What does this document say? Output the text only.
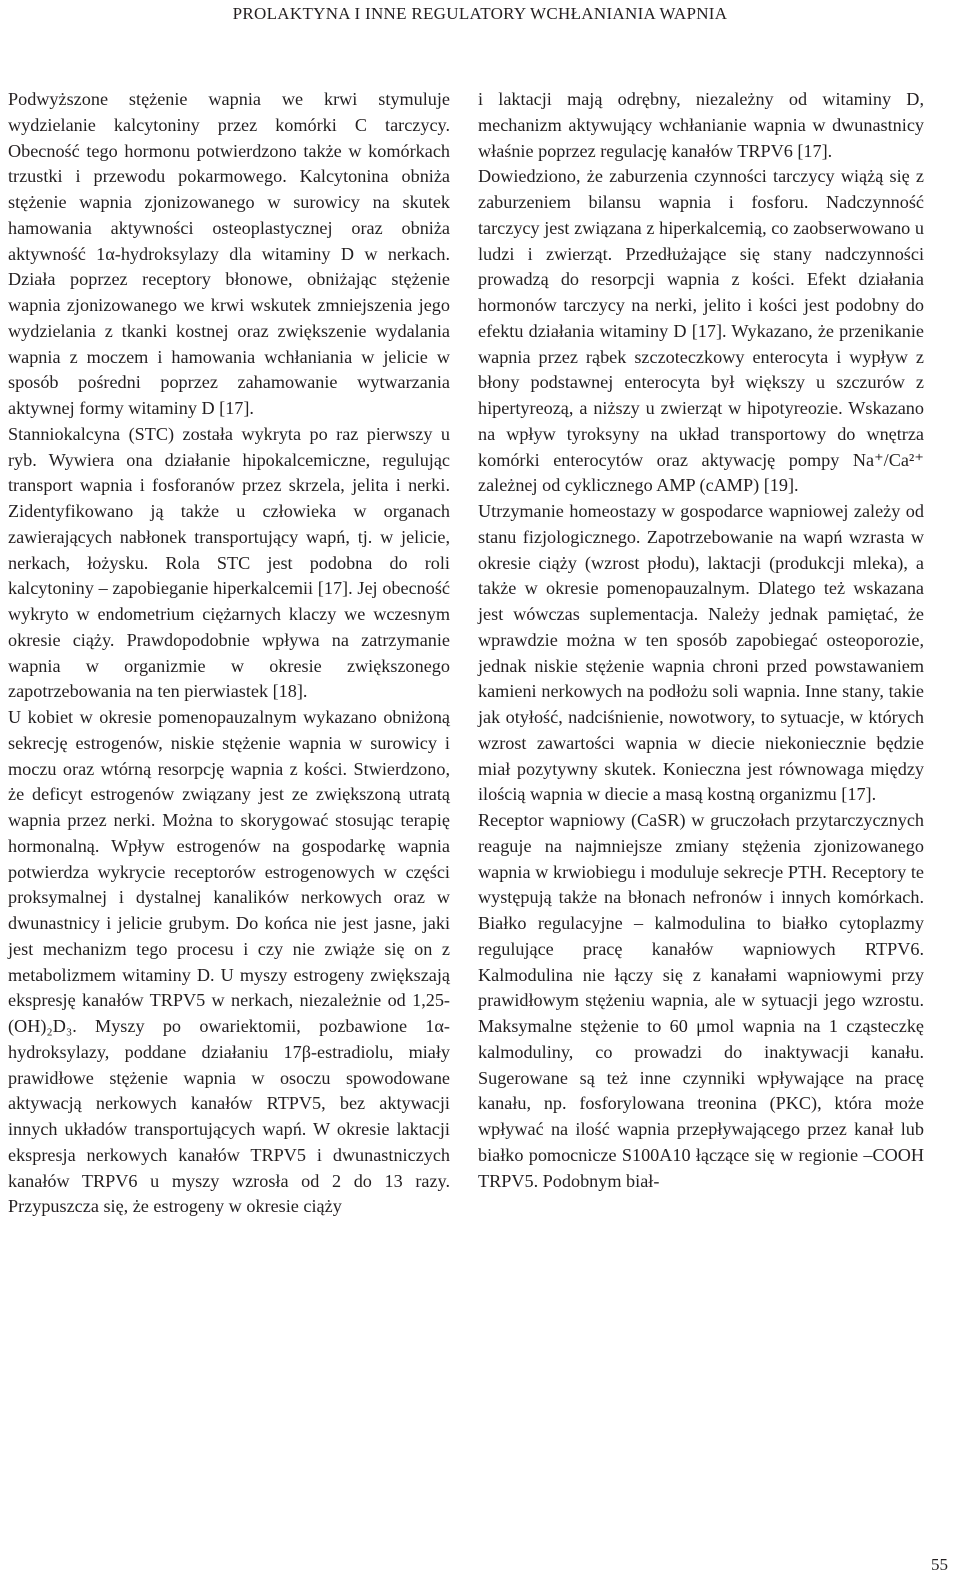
PROLAKTYNA I INNE REGULATORY WCHŁANIANIA WAPNIA

Podwyższone stężenie wapnia we krwi stymuluje wydzielanie kalcytoniny przez komórki C tarczycy. Obecność tego hormonu potwierdzono także w komórkach trzustki i przewodu pokarmowego. Kalcytonina obniża stężenie wapnia zjonizowanego w surowicy na skutek hamowania aktywności osteoplastycznej oraz obniża aktywność 1α-hydroksylazy dla witaminy D w nerkach. Działa poprzez receptory błonowe, obniżając stężenie wapnia zjonizowanego we krwi wskutek zmniejszenia jego wydzielania z tkanki kostnej oraz zwiększenie wydalania wapnia z moczem i hamowania wchłaniania w jelicie w sposób pośredni poprzez zahamowanie wytwarzania aktywnej formy witaminy D [17].

Stanniokalcyna (STC) została wykryta po raz pierwszy u ryb. Wywiera ona działanie hipokalcemiczne, regulując transport wapnia i fosforanów przez skrzela, jelita i nerki. Zidentyfikowano ją także u człowieka w organach zawierających nabłonek transportujący wapń, tj. w jelicie, nerkach, łożysku. Rola STC jest podobna do roli kalcytoniny – zapobieganie hiperkalcemii [17]. Jej obecność wykryto w endometrium ciężarnych klaczy we wczesnym okresie ciąży. Prawdopodobnie wpływa na zatrzymanie wapnia w organizmie w okresie zwiększonego zapotrzebowania na ten pierwiastek [18].

U kobiet w okresie pomenopauzalnym wykazano obniżoną sekrecję estrogenów, niskie stężenie wapnia w surowicy i moczu oraz wtórną resorpcję wapnia z kości. Stwierdzono, że deficyt estrogenów związany jest ze zwiększoną utratą wapnia przez nerki. Można to skorygować stosując terapię hormonalną. Wpływ estrogenów na gospodarkę wapnia potwierdza wykrycie receptorów estrogenowych w części proksymalnej i dystalnej kanalików nerkowych oraz w dwunastnicy i jelicie grubym. Do końca nie jest jasne, jaki jest mechanizm tego procesu i czy nie zwiąże się on z metabolizmem witaminy D. U myszy estrogeny zwiększają ekspresję kanałów TRPV5 w nerkach, niezależnie od 1,25-(OH)₂D₃. Myszy po owariektomii, pozbawione 1α-hydroksylazy, poddane działaniu 17β-estradiolu, miały prawidłowe stężenie wapnia w osoczu spowodowane aktywacją nerkowych kanałów RTPV5, bez aktywacji innych układów transportujących wapń. W okresie laktacji ekspresja nerkowych kanałów TRPV5 i dwunastniczych kanałów TRPV6 u myszy wzrosła od 2 do 13 razy. Przypuszcza się, że estrogeny w okresie ciąży

i laktacji mają odrębny, niezależny od witaminy D, mechanizm aktywujący wchłanianie wapnia w dwunastnicy właśnie poprzez regulację kanałów TRPV6 [17].

Dowiedziono, że zaburzenia czynności tarczycy wiążą się z zaburzeniem bilansu wapnia i fosforu. Nadczynność tarczycy jest związana z hiperkalcemią, co zaobserwowano u ludzi i zwierząt. Przedłużające się stany nadczynności prowadzą do resorpcji wapnia z kości. Efekt działania hormonów tarczycy na nerki, jelito i kości jest podobny do efektu działania witaminy D [17]. Wykazano, że przenikanie wapnia przez rąbek szczoteczkowy enterocyta i wypływ z błony podstawnej enterocyta był większy u szczurów z hipertyreozą, a niższy u zwierząt w hipotyreozie. Wskazano na wpływ tyroksyny na układ transportowy do wnętrza komórki enterocytów oraz aktywację pompy Na⁺/Ca²⁺ zależnej od cyklicznego AMP (cAMP) [19].

Utrzymanie homeostazy w gospodarce wapniowej zależy od stanu fizjologicznego. Zapotrzebowanie na wapń wzrasta w okresie ciąży (wzrost płodu), laktacji (produkcji mleka), a także w okresie pomenopauzalnym. Dlatego też wskazana jest wówczas suplementacja. Należy jednak pamiętać, że wprawdzie można w ten sposób zapobiegać osteoporozie, jednak niskie stężenie wapnia chroni przed powstawaniem kamieni nerkowych na podłożu soli wapnia. Inne stany, takie jak otyłość, nadciśnienie, nowotwory, to sytuacje, w których wzrost zawartości wapnia w diecie niekoniecznie będzie miał pozytywny skutek. Konieczna jest równowaga między ilością wapnia w diecie a masą kostną organizmu [17].

Receptor wapniowy (CaSR) w gruczołach przytarczycznych reaguje na najmniejsze zmiany stężenia zjonizowanego wapnia w krwiobiegu i moduluje sekrecje PTH. Receptory te występują także na błonach nefronów i innych komórkach. Białko regulacyjne – kalmodulina to białko cytoplazmy regulujące pracę kanałów wapniowych RTPV6. Kalmodulina nie łączy się z kanałami wapniowymi przy prawidłowym stężeniu wapnia, ale w sytuacji jego wzrostu. Maksymalne stężenie to 60 μmol wapnia na 1 cząsteczkę kalmoduliny, co prowadzi do inaktywacji kanału. Sugerowane są też inne czynniki wpływające na pracę kanału, np. fosforylowana treonina (PKC), która może wpływać na ilość wapnia przepływającego przez kanał lub białko pomocnicze S100A10 łączące się w regionie –COOH TRPV5. Podobnym biał-

55
